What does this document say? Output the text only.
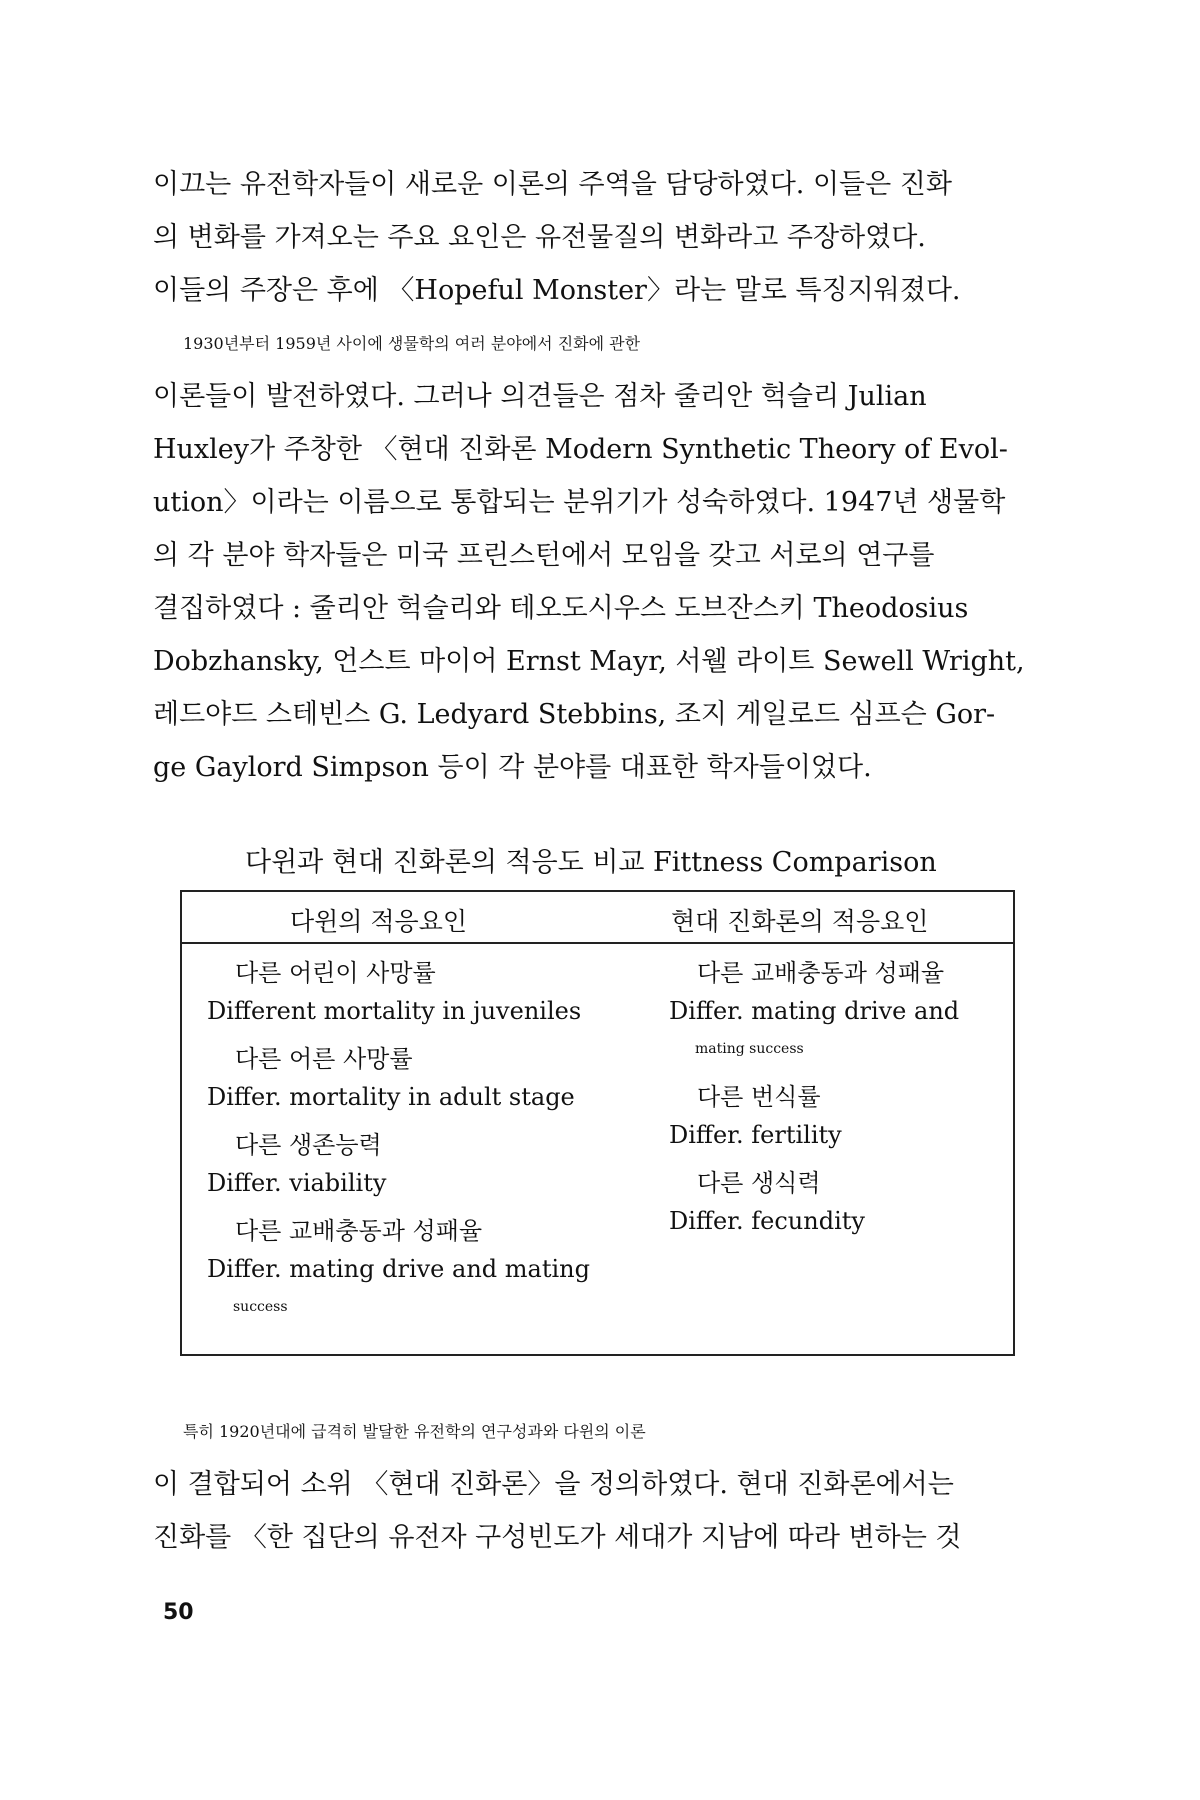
이끄는 유전학자들이 새로운 이론의 주역을 담당하였다. 이들은 진화
의 변화를 가져오는 주요 요인은 유전물질의 변화라고 주장하였다.
이들의 주장은 후에 〈Hopeful Monster〉라는 말로 특징지워졌다.
1930년부터 1959년 사이에 생물학의 여러 분야에서 진화에 관한
이론들이 발전하였다. 그러나 의견들은 점차 줄리안 헉슬리 Julian
Huxley가 주창한 〈현대 진화론 Modern Synthetic Theory of Evol-
ution〉이라는 이름으로 통합되는 분위기가 성숙하였다. 1947년 생물학
의 각 분야 학자들은 미국 프린스턴에서 모임을 갖고 서로의 연구를
결집하였다 : 줄리안 헉슬리와 테오도시우스 도브잔스키 Theodosius
Dobzhansky, 언스트 마이어 Ernst Mayr, 서웰 라이트 Sewell Wright,
레드야드 스테빈스 G. Ledyard Stebbins, 조지 게일로드 심프슨 Gor-
ge Gaylord Simpson 등이 각 분야를 대표한 학자들이었다.
다윈과 현대 진화론의 적응도 비교 Fittness Comparison
다윈의 적응요인	현대 진화론의 적응요인
다른 어린이 사망률
Different mortality in juveniles
다른 어른 사망률
Differ. mortality in adult stage
다른 생존능력
Differ. viability
다른 교배충동과 성패율
Differ. mating drive and mating
success
다른 교배충동과 성패율
Differ. mating drive and
mating success
다른 번식률
Differ. fertility
다른 생식력
Differ. fecundity
특히 1920년대에 급격히 발달한 유전학의 연구성과와 다윈의 이론
이 결합되어 소위 〈현대 진화론〉을 정의하였다. 현대 진화론에서는
진화를 〈한 집단의 유전자 구성빈도가 세대가 지남에 따라 변하는 것
50
